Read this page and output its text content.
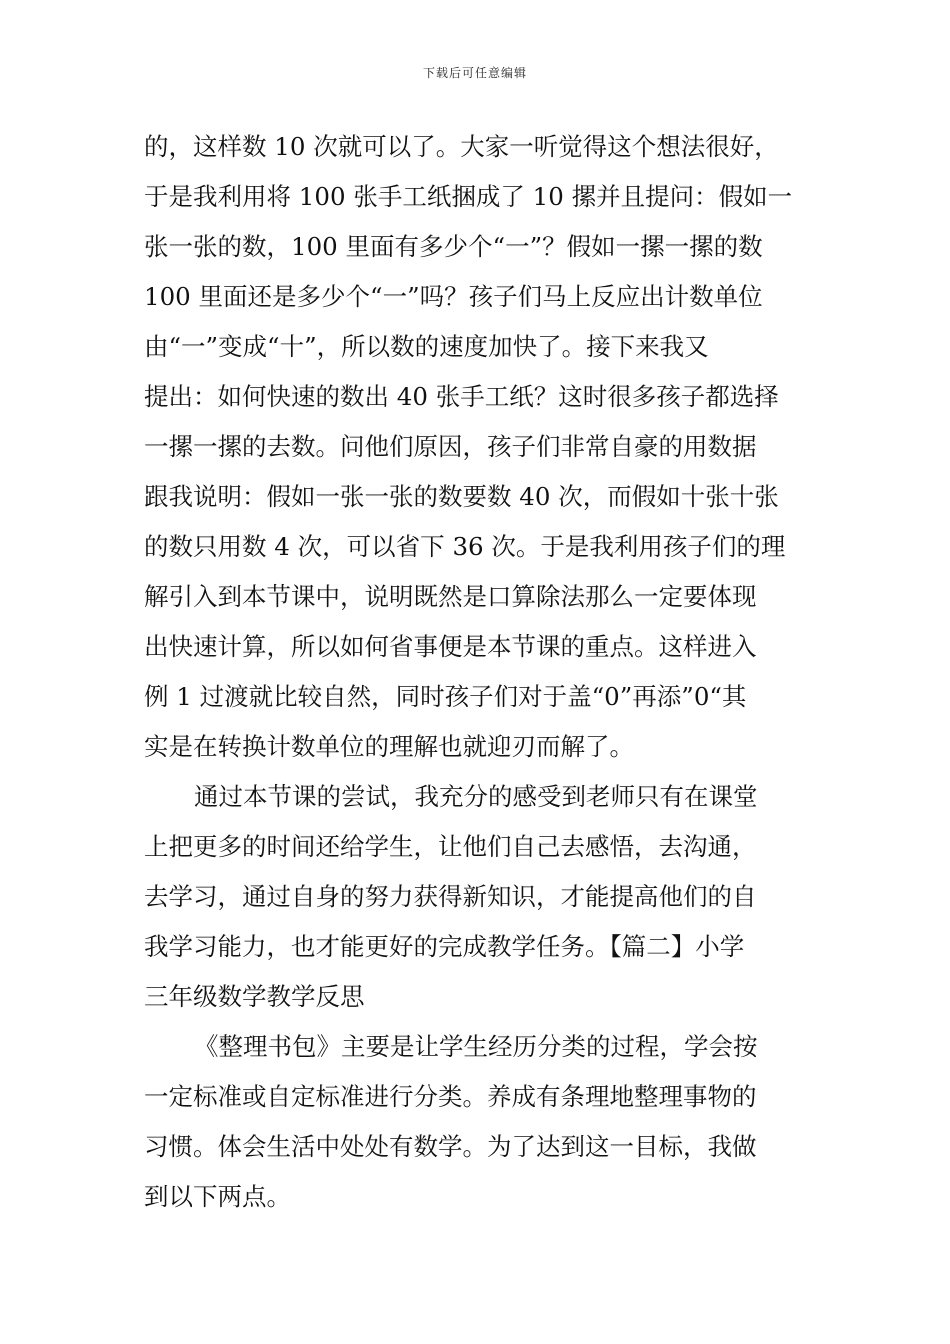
下载后可任意编辑
的，这样数 10 次就可以了。大家一听觉得这个想法很好，
于是我利用将 100 张手工纸捆成了 10 摞并且提问：假如一
张一张的数，100 里面有多少个“一”？假如一摞一摞的数
100 里面还是多少个“一”吗？孩子们马上反应出计数单位
由“一”变成“十”，所以数的速度加快了。接下来我又
提出：如何快速的数出 40 张手工纸？这时很多孩子都选择
一摞一摞的去数。问他们原因，孩子们非常自豪的用数据
跟我说明：假如一张一张的数要数 40 次，而假如十张十张
的数只用数 4 次，可以省下 36 次。于是我利用孩子们的理
解引入到本节课中，说明既然是口算除法那么一定要体现
出快速计算，所以如何省事便是本节课的重点。这样进入
例 1 过渡就比较自然，同时孩子们对于盖“0”再添”0“其
实是在转换计数单位的理解也就迎刃而解了。
通过本节课的尝试，我充分的感受到老师只有在课堂
上把更多的时间还给学生，让他们自己去感悟，去沟通，
去学习，通过自身的努力获得新知识，才能提高他们的自
我学习能力，也才能更好的完成教学任务。【篇二】小学
三年级数学教学反思
《整理书包》主要是让学生经历分类的过程，学会按
一定标准或自定标准进行分类。养成有条理地整理事物的
习惯。体会生活中处处有数学。为了达到这一目标，我做
到以下两点。
